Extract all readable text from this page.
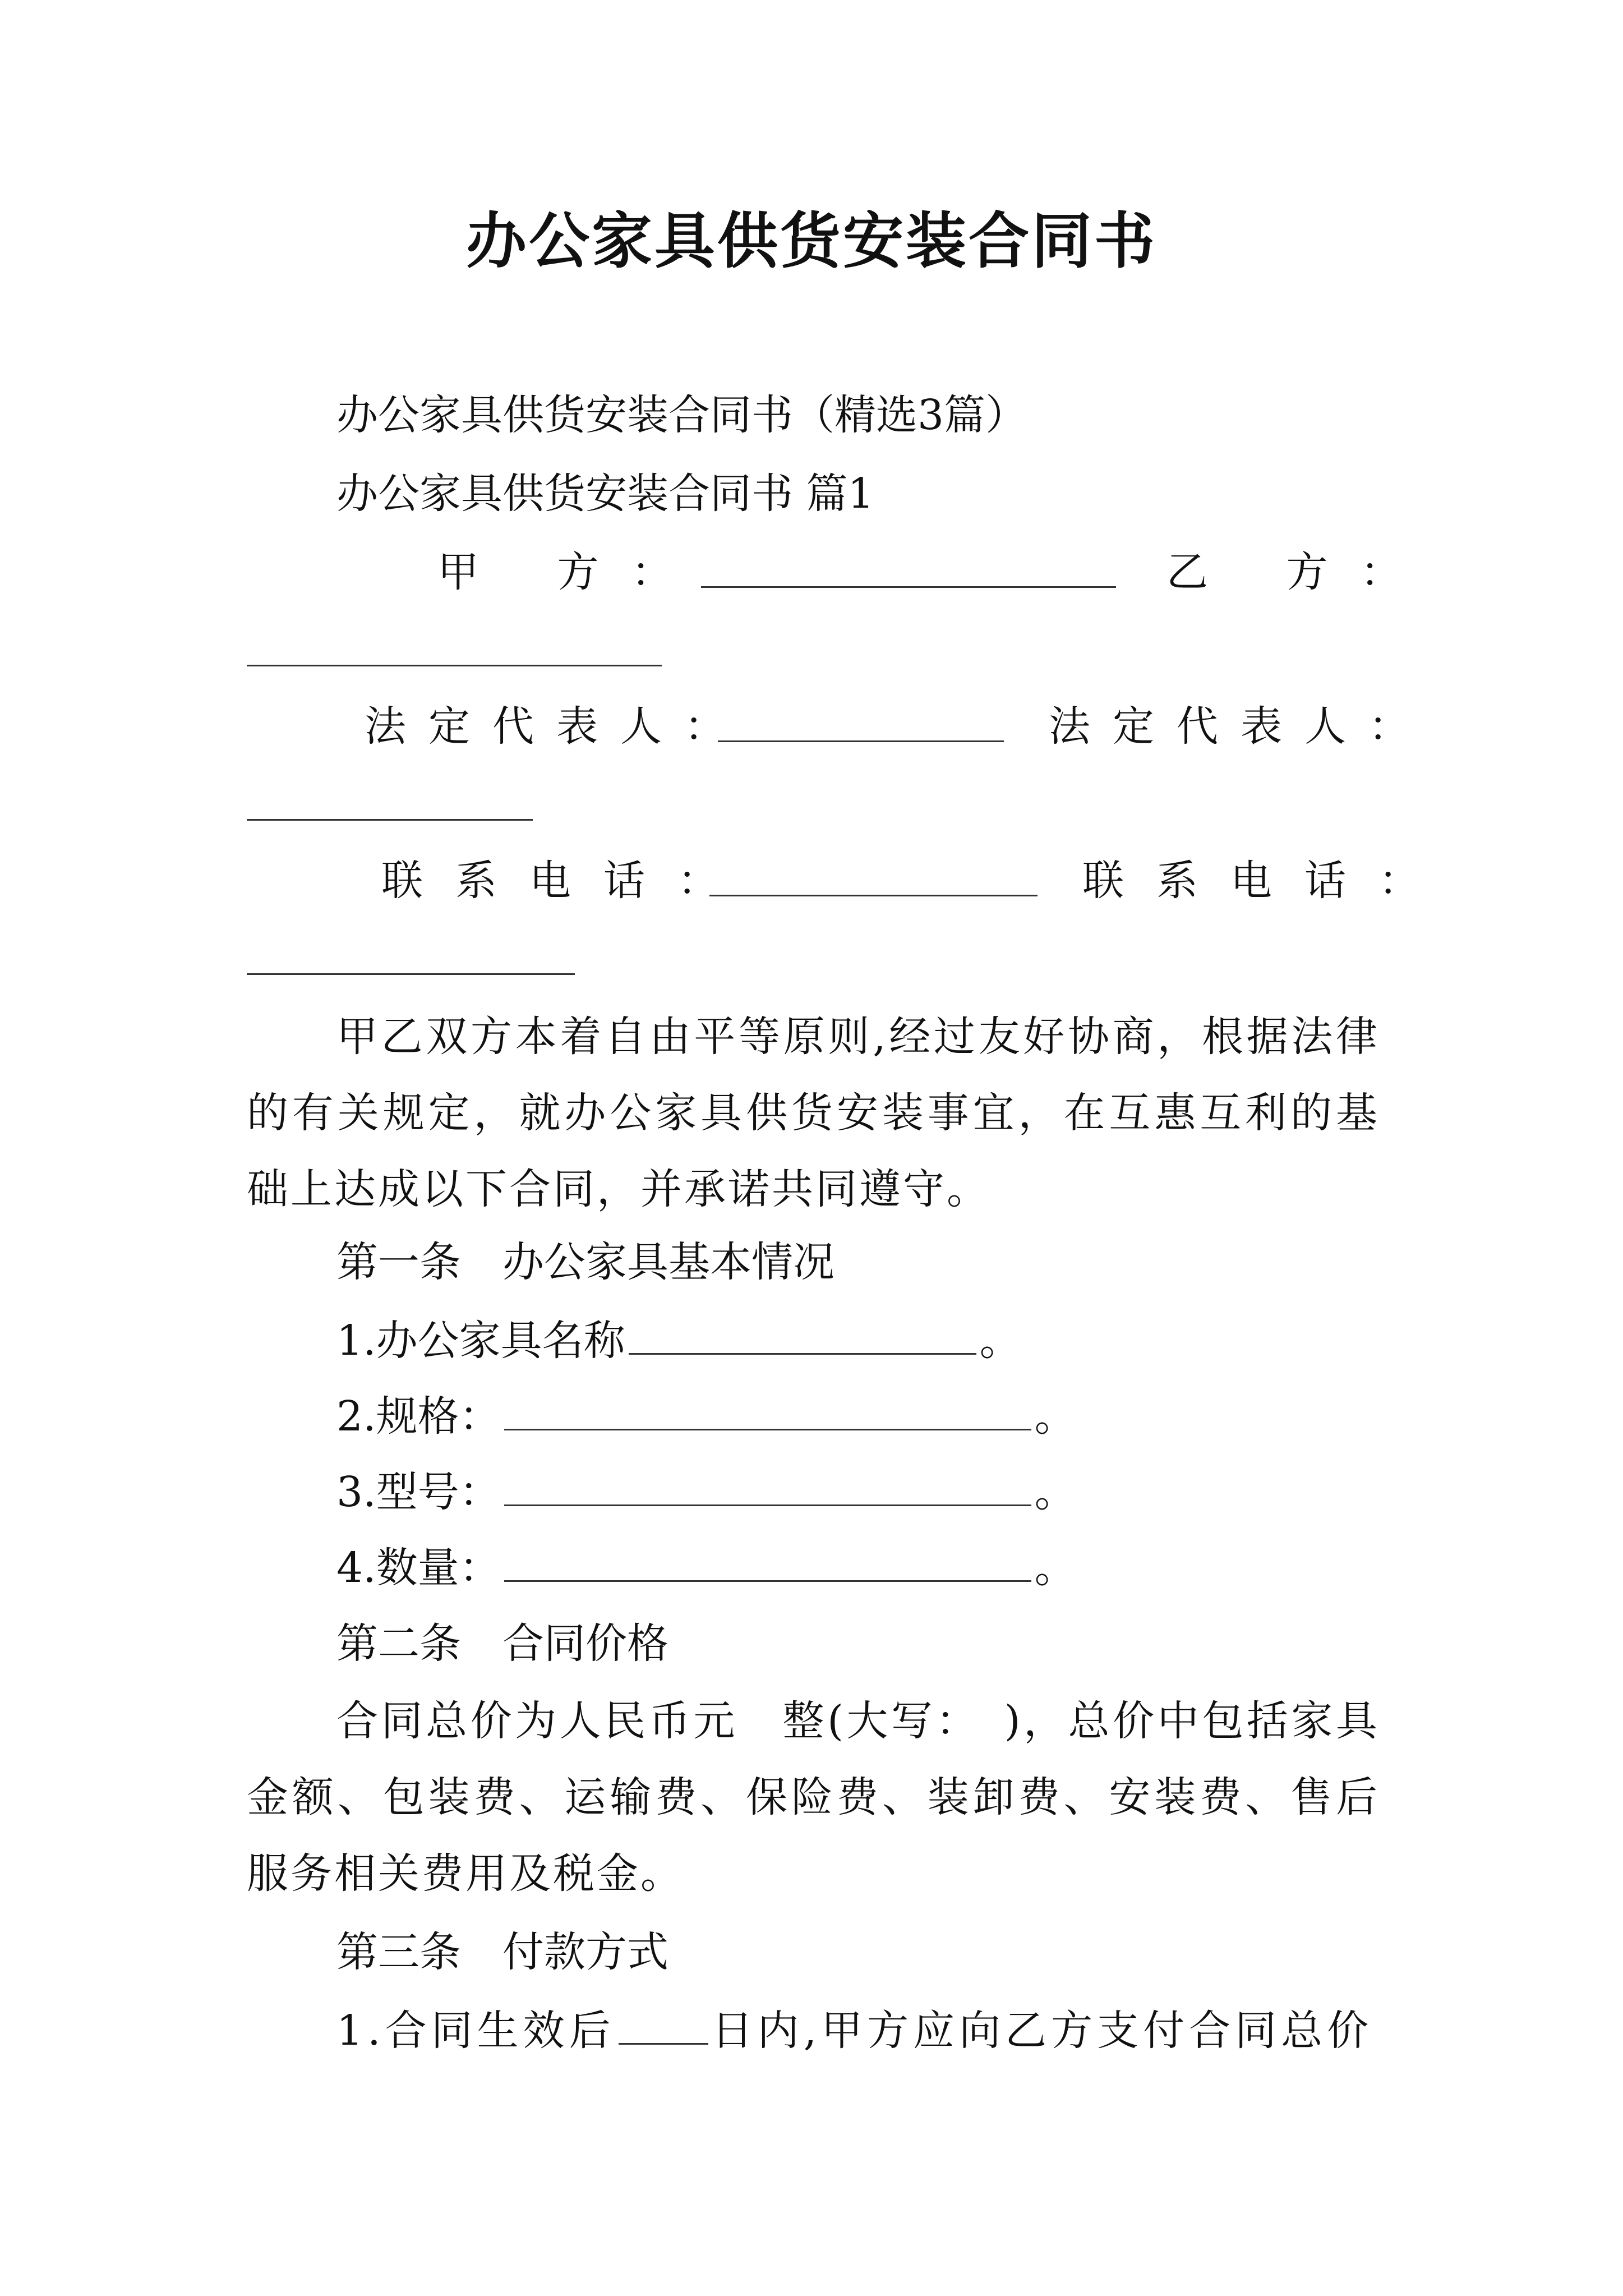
办公家具供货安装合同书
办公家具供货安装合同书（精选3篇）
办公家具供货安装合同书 篇1
甲 方：	乙 方：
法定代表人：	法定代表人：
联系电话：	联系电话：
甲乙双方本着自由平等原则,经过友好协商，根据法律的有关规定，就办公家具供货安装事宜，在互惠互利的基础上达成以下合同，并承诺共同遵守。
第一条　办公家具基本情况
1.办公家具名称	。
2.规格：	。
3.型号：	。
4.数量：	。
第二条　合同价格
合同总价为人民币元　整(大写：　)，总价中包括家具金额、包装费、运输费、保险费、装卸费、安装费、售后服务相关费用及税金。
第三条　付款方式
1.合同生效后 日内,甲方应向乙方支付合同总价
